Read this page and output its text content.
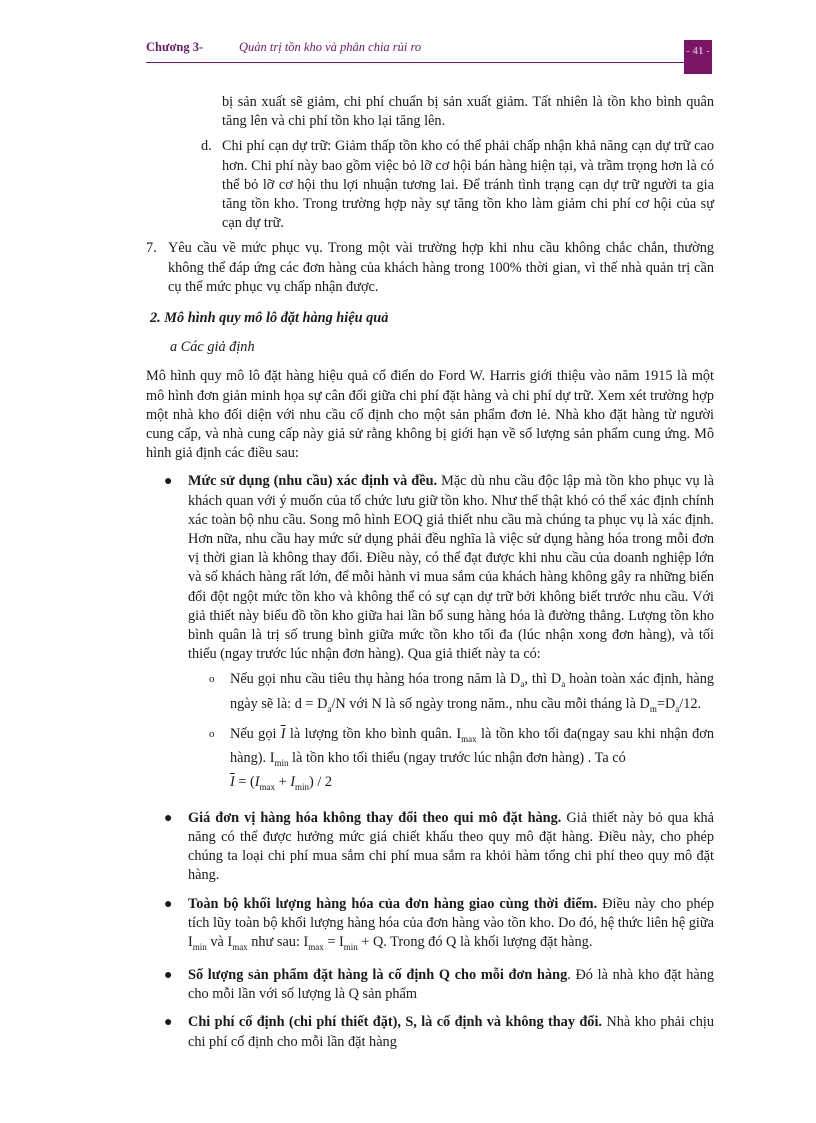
Chương 3-	Quản trị tồn kho và phân chia rủi ro	- 41 -

bị sản xuất sẽ giảm, chi phí chuẩn bị sản xuất giảm. Tất nhiên là tồn kho bình quân tăng lên và chi phí tồn kho lại tăng lên.

d. Chi phí cạn dự trữ: Giảm thấp tồn kho có thể phải chấp nhận khả năng cạn dự trữ cao hơn. Chi phí này bao gồm việc bỏ lỡ cơ hội bán hàng hiện tại, và trầm trọng hơn là có thể bỏ lỡ cơ hội thu lợi nhuận tương lai. Để tránh tình trạng cạn dự trữ người ta gia tăng tồn kho. Trong trường hợp này sự tăng tồn kho làm giảm chi phí cơ hội của sự cạn dự trữ.
7. Yêu cầu về mức phục vụ. Trong một vài trường hợp khi nhu cầu không chắc chắn, thường không thể đáp ứng các đơn hàng của khách hàng trong 100% thời gian, vì thế nhà quản trị cần cụ thể mức phục vụ chấp nhận được.

2. Mô hình quy mô lô đặt hàng hiệu quả

a Các giả định

Mô hình quy mô lô đặt hàng hiệu quả cổ điển do Ford W. Harris giới thiệu vào năm 1915 là một mô hình đơn giản minh họa sự cân đối giữa chi phí đặt hàng và chi phí dự trữ. Xem xét trường hợp một nhà kho đối diện với nhu cầu cố định cho một sản phẩm đơn lẻ. Nhà kho đặt hàng từ người cung cấp, và nhà cung cấp này giả sử rằng không bị giới hạn về số lượng sản phẩm cung ứng. Mô hình giả định các điều sau:

● Mức sử dụng (nhu cầu) xác định và đều. Mặc dù nhu cầu độc lập mà tồn kho phục vụ là khách quan với ý muốn của tổ chức lưu giữ tồn kho. Như thế thật khó có thể xác định chính xác toàn bộ nhu cầu. Song mô hình EOQ giả thiết nhu cầu mà chúng ta phục vụ là xác định. Hơn nữa, nhu cầu hay mức sử dụng phải đều nghĩa là việc sử dụng hàng hóa trong mỗi đơn vị thời gian là không thay đổi. Điều này, có thể đạt được khi nhu cầu của doanh nghiệp lớn và số khách hàng rất lớn, để mỗi hành vi mua sắm của khách hàng không gây ra những biến đổi đột ngột mức tồn kho và không thể có sự cạn dự trữ bởi không biết trước nhu cầu. Với giả thiết này biểu đồ tồn kho giữa hai lần bổ sung hàng hóa là đường thẳng. Lượng tồn kho bình quân là trị số trung bình giữa mức tồn kho tối đa (lúc nhận xong đơn hàng), và tối thiểu (ngay trước lúc nhận đơn hàng). Qua giả thiết này ta có:
o Nếu gọi nhu cầu tiêu thụ hàng hóa trong năm là $D_a$, thì $D_a$ hoàn toàn xác định, hàng ngày sẽ là: $d = D_a/N$ với N là số ngày trong năm., nhu cầu mỗi tháng là $D_m=D_a/12$.
o Nếu gọi $\overline{I}$ là lượng tồn kho bình quân. $I_{max}$ là tồn kho tối đa(ngay sau khi nhận đơn hàng). $I_{min}$ là tồn kho tối thiểu (ngay trước lúc nhận đơn hàng) . Ta có
$\overline{I} = (I_{max} + I_{min}) / 2$
● Giá đơn vị hàng hóa không thay đổi theo qui mô đặt hàng. Giả thiết này bỏ qua khả năng có thể được hưởng mức giá chiết khấu theo quy mô đặt hàng. Điều này, cho phép chúng ta loại chi phí mua sắm chi phí mua sắm ra khỏi hàm tổng chi phí theo quy mô đặt hàng.
● Toàn bộ khối lượng hàng hóa của đơn hàng giao cùng thời điểm. Điều này cho phép tích lũy toàn bộ khối lượng hàng hóa của đơn hàng vào tồn kho. Do đó, hệ thức liên hệ giữa $I_{min}$ và $I_{max}$ như sau: $I_{max} = I_{min} + Q$. Trong đó Q là khối lượng đặt hàng.
● Số lượng sản phẩm đặt hàng là cố định Q cho mỗi đơn hàng. Đó là nhà kho đặt hàng cho mỗi lần với số lượng là Q sản phẩm
● Chi phí cố định (chi phí thiết đặt), S, là cố định và không thay đổi. Nhà kho phải chịu chi phí cố định cho mỗi lần đặt hàng
